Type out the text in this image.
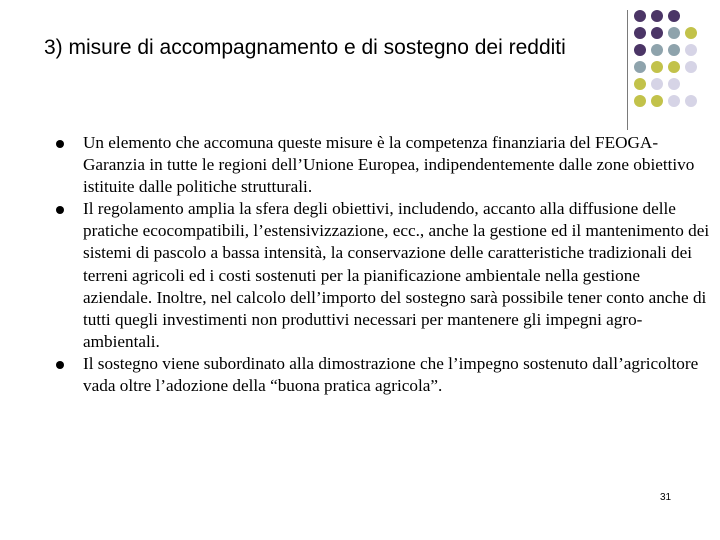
3) misure di accompagnamento e di sostegno dei redditi
Un elemento che accomuna queste misure è la competenza finanziaria del FEOGA-Garanzia in tutte le regioni dell’Unione Europea, indipendentemente dalle zone obiettivo istituite dalle politiche strutturali.
Il regolamento amplia la sfera degli obiettivi, includendo, accanto alla diffusione delle pratiche ecocompatibili, l’estensivizzazione, ecc., anche la gestione ed il mantenimento dei sistemi di pascolo a bassa intensità, la conservazione delle caratteristiche tradizionali dei terreni agricoli ed i costi sostenuti per la pianificazione ambientale nella gestione aziendale. Inoltre, nel calcolo dell’importo del sostegno sarà possibile tener conto anche di tutti quegli investimenti non produttivi necessari per mantenere gli impegni agro-ambientali.
Il sostegno viene subordinato alla dimostrazione che l’impegno sostenuto dall’agricoltore vada oltre l’adozione della “buona pratica agricola”.
31
